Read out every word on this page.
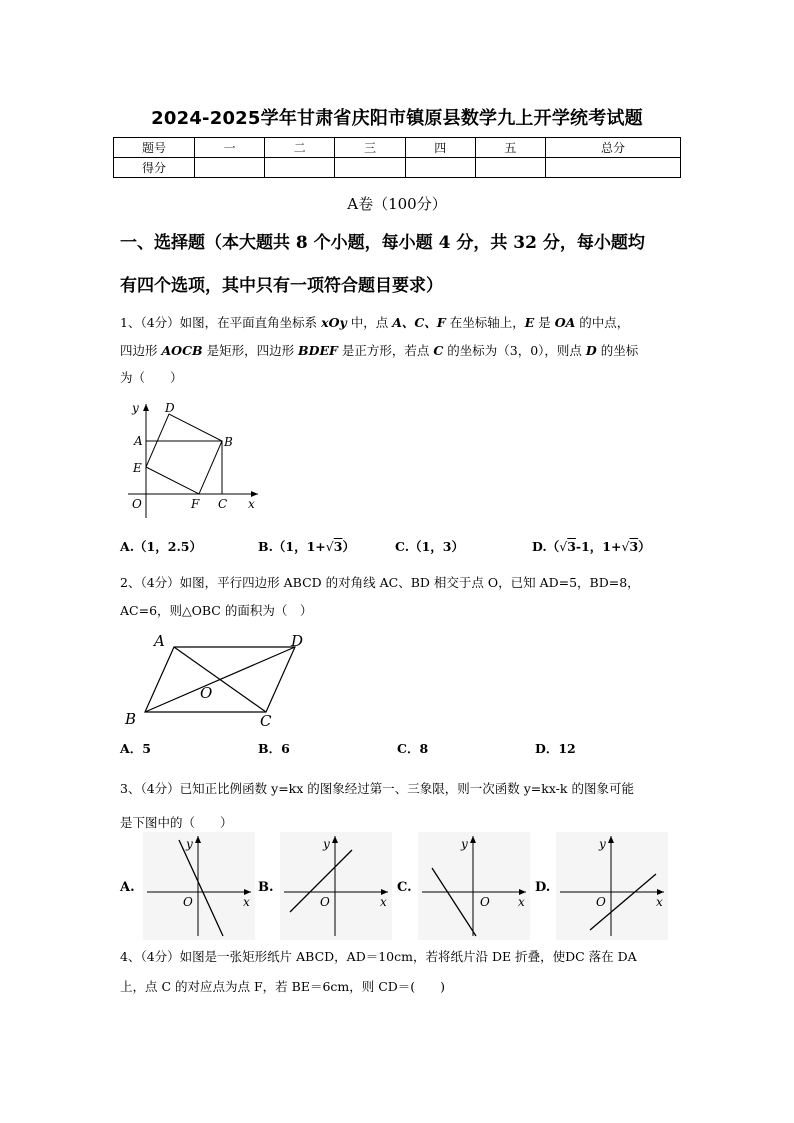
2024-2025学年甘肃省庆阳市镇原县数学九上开学统考试题
题号	一	二	三	四	五	总分
得分						
A卷（100分）
一、选择题（本大题共 8 个小题，每小题 4 分，共 32 分，每小题均
有四个选项，其中只有一项符合题目要求）
1、（4分）如图，在平面直角坐标系 xOy 中，点 A、C、F 在坐标轴上，E 是 OA 的中点，
四边形 AOCB 是矩形，四边形 BDEF 是正方形，若点 C 的坐标为（3，0），则点 D 的坐标
为（　　）
y
A
E
O
D
B
F C x
A.（1，2.5）	B.（1，1+√3）	C.（1，3）	D.（√3-1，1+√3）
2、（4分）如图，平行四边形 ABCD 的对角线 AC、BD 相交于点 O，已知 AD=5，BD=8，
AC=6，则△OBC 的面积为（　）
A	D
O
B	C
A．5	B．6	C．8	D．12
3、（4分）已知正比例函数 y=kx 的图象经过第一、三象限，则一次函数 y=kx-k 的图象可能
是下图中的（　　）
A.
y
x
O
B.
y
x
O
C.
y
x
O
D.
y
x
O
4、（4分）如图是一张矩形纸片 ABCD，AD＝10cm，若将纸片沿 DE 折叠，使DC 落在 DA
上，点 C 的对应点为点 F，若 BE＝6cm，则 CD＝(　　)
